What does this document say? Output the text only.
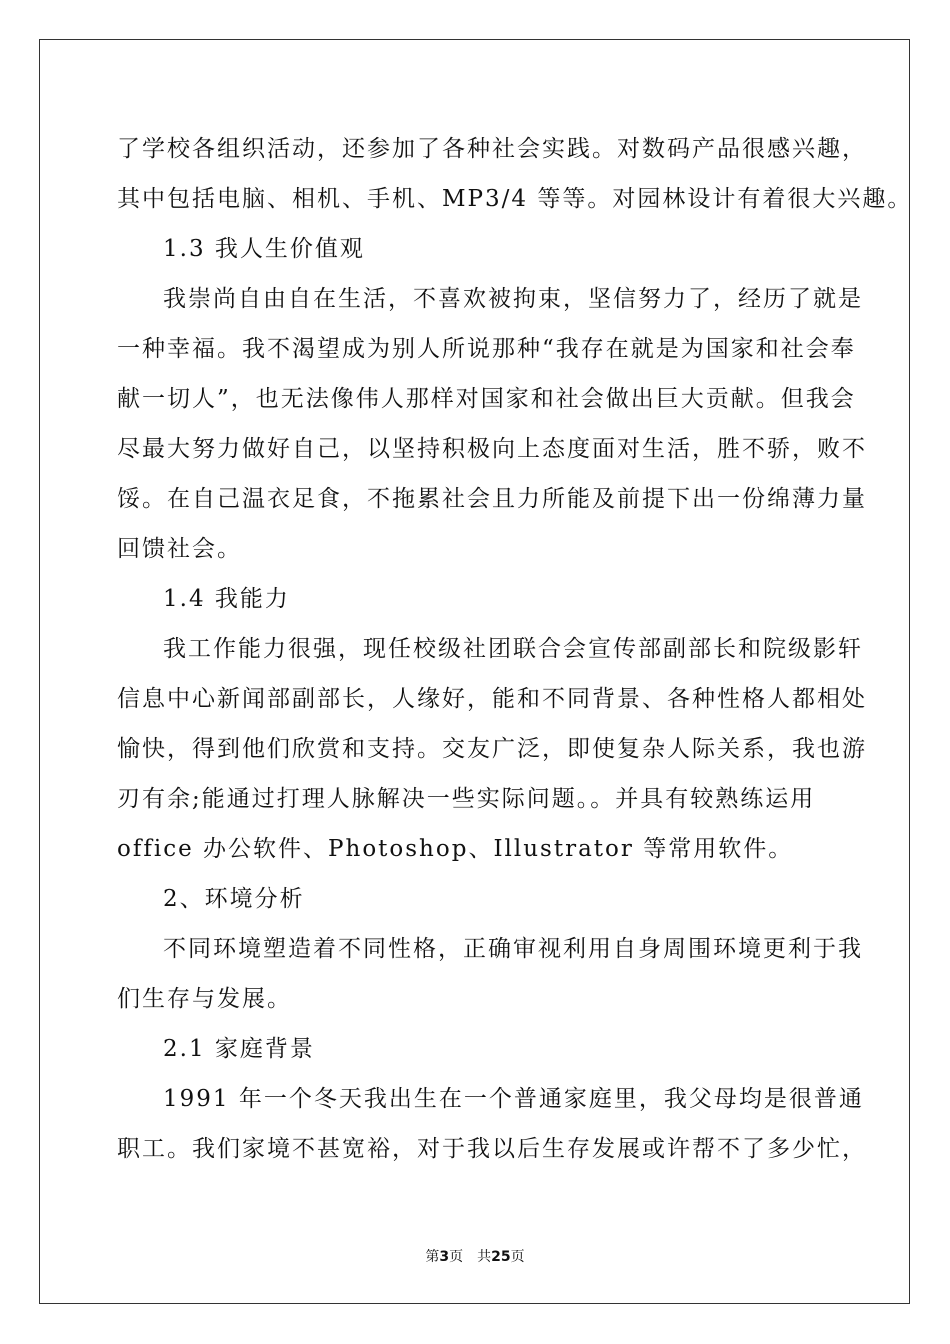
了学校各组织活动，还参加了各种社会实践。对数码产品很感兴趣，
其中包括电脑、相机、手机、MP3/4 等等。对园林设计有着很大兴趣。
1.3 我人生价值观
我崇尚自由自在生活，不喜欢被拘束，坚信努力了，经历了就是
一种幸福。我不渴望成为别人所说那种“我存在就是为国家和社会奉
献一切人”，也无法像伟人那样对国家和社会做出巨大贡献。但我会
尽最大努力做好自己，以坚持积极向上态度面对生活，胜不骄，败不
馁。在自己温衣足食，不拖累社会且力所能及前提下出一份绵薄力量
回馈社会。
1.4 我能力
我工作能力很强，现任校级社团联合会宣传部副部长和院级影轩
信息中心新闻部副部长，人缘好，能和不同背景、各种性格人都相处
愉快，得到他们欣赏和支持。交友广泛，即使复杂人际关系，我也游
刃有余;能通过打理人脉解决一些实际问题。。并具有较熟练运用
office 办公软件、Photoshop、Illustrator 等常用软件。
2、环境分析
不同环境塑造着不同性格，正确审视利用自身周围环境更利于我
们生存与发展。
2.1 家庭背景
1991 年一个冬天我出生在一个普通家庭里，我父母均是很普通
职工。我们家境不甚宽裕，对于我以后生存发展或许帮不了多少忙，
第3页 共25页
